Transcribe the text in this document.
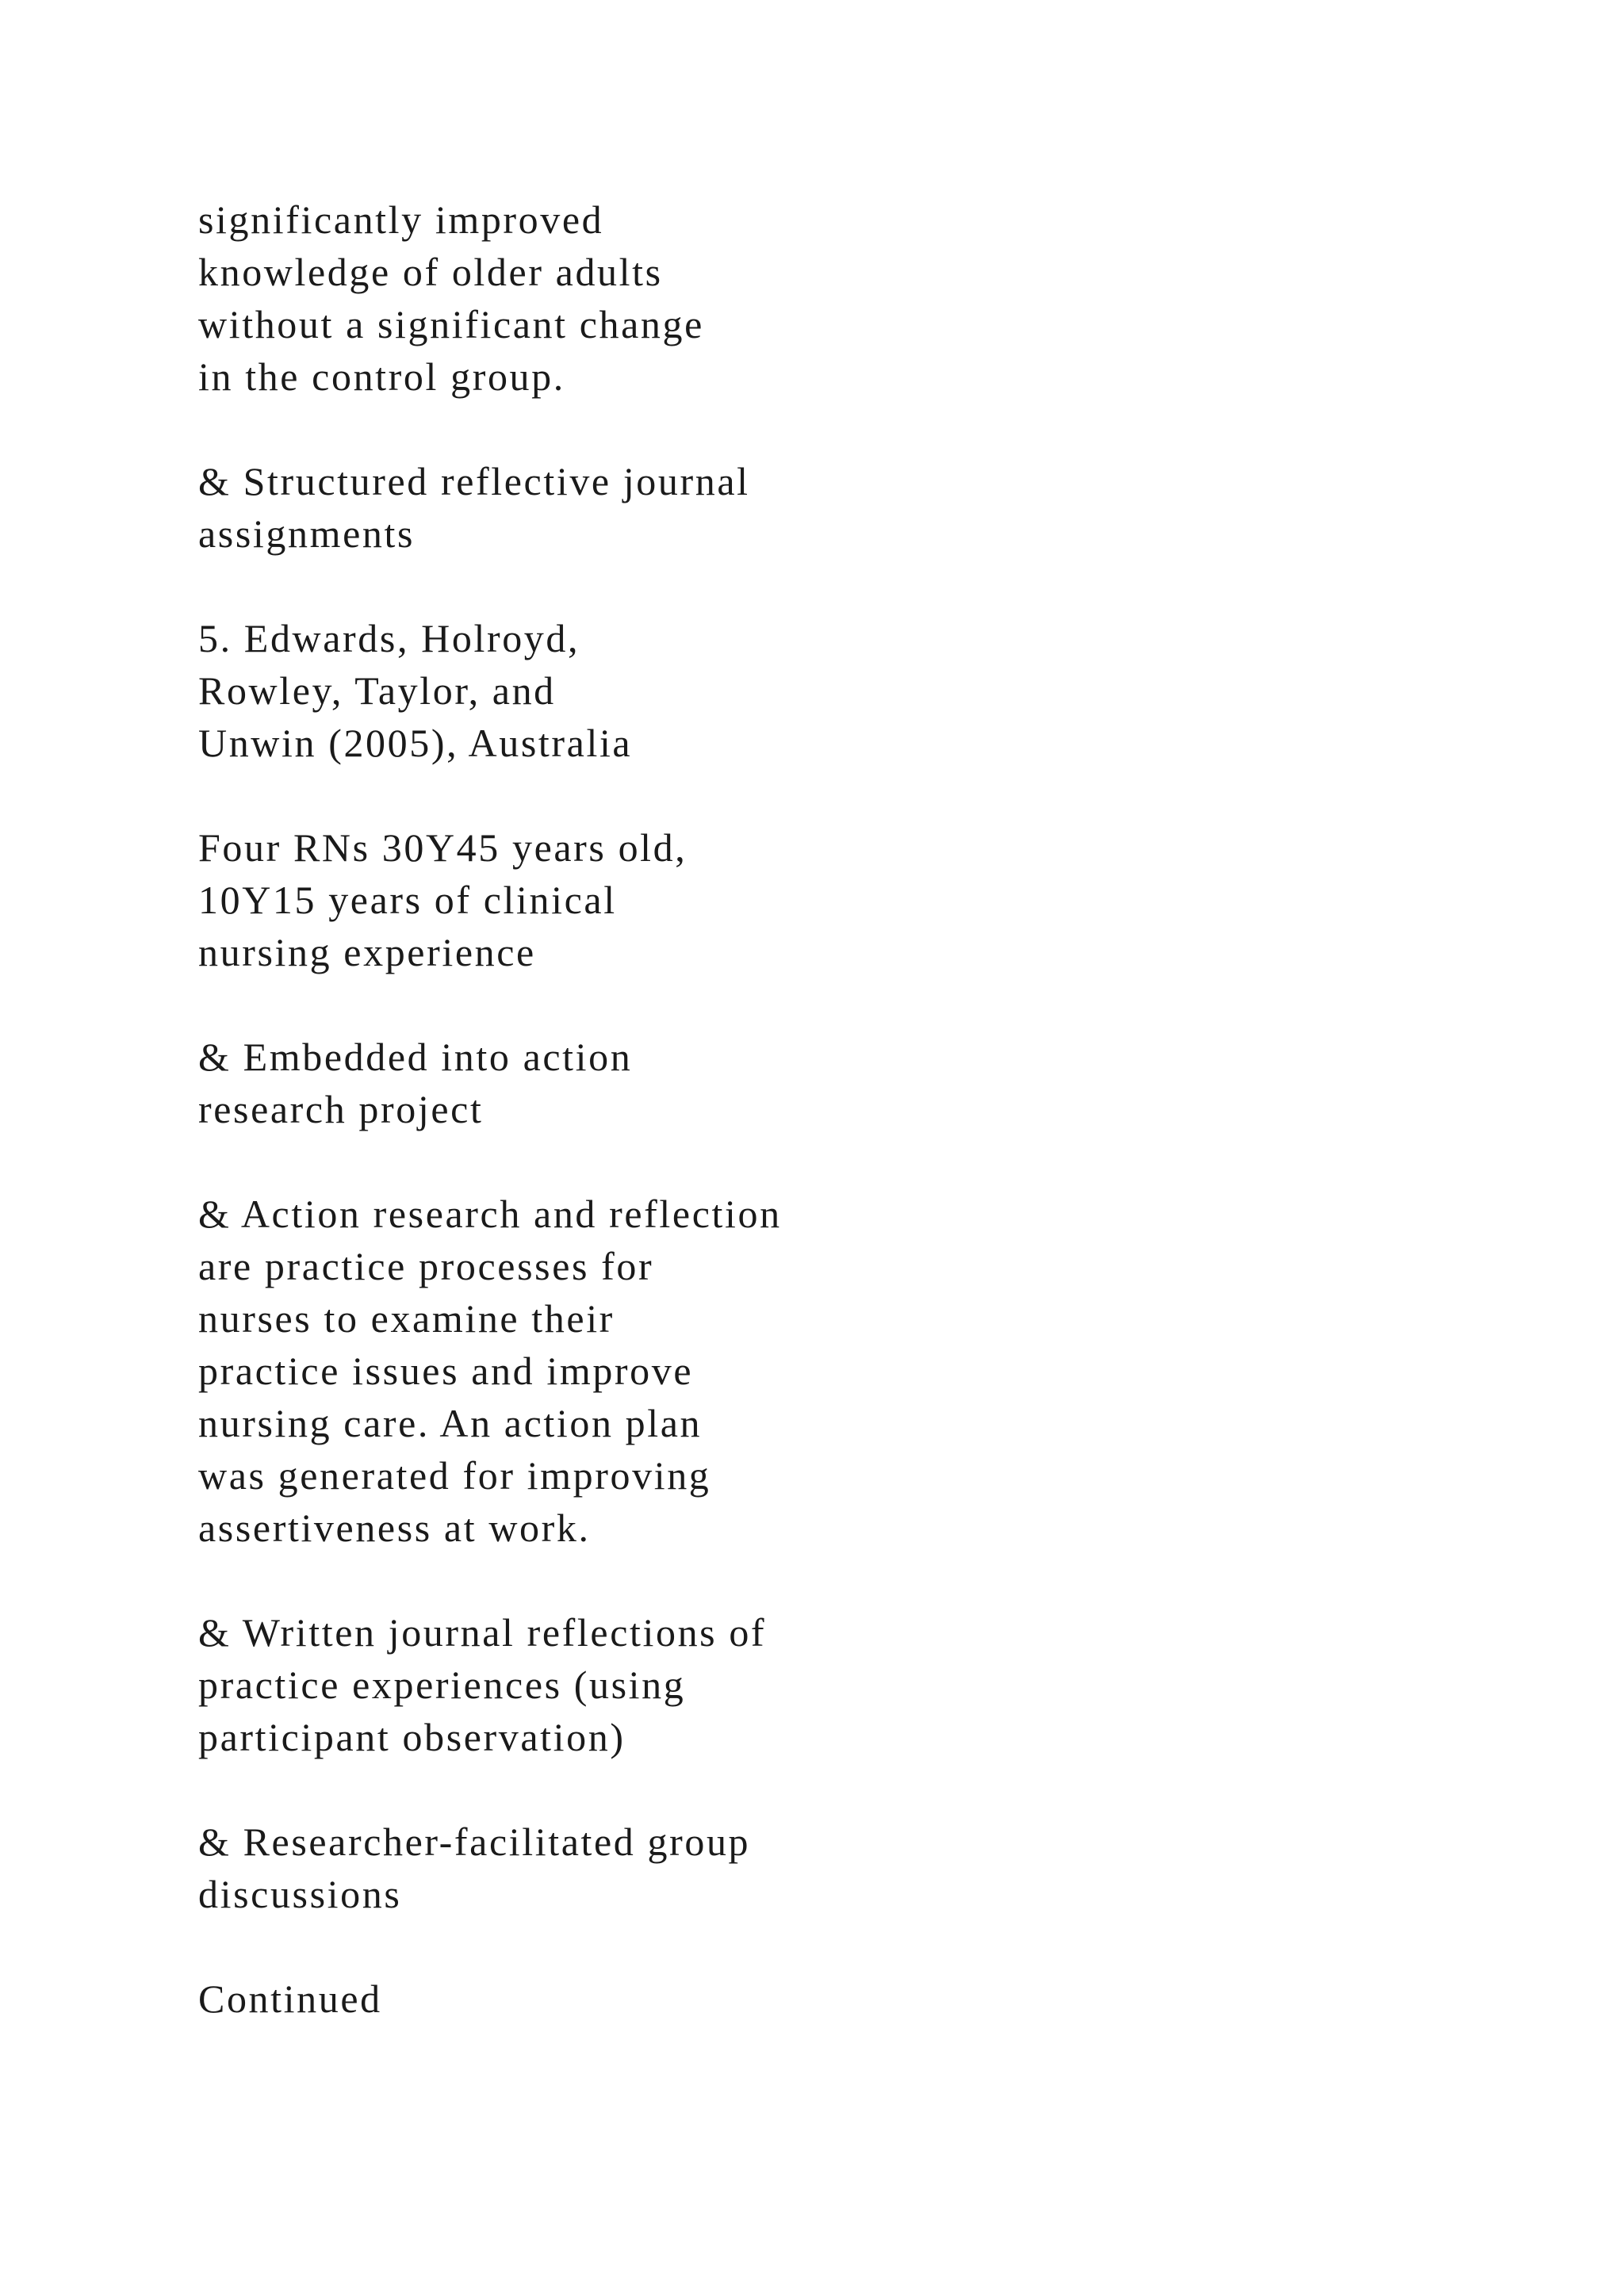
significantly improved
knowledge of older adults
without a significant change
in the control group.

& Structured reflective journal
assignments

5. Edwards, Holroyd,
Rowley, Taylor, and
Unwin (2005), Australia

Four RNs 30Y45 years old,
10Y15 years of clinical
nursing experience

& Embedded into action
research project

& Action research and reflection
are practice processes for
nurses to examine their
practice issues and improve
nursing care. An action plan
was generated for improving
assertiveness at work.

& Written journal reflections of
practice experiences (using
participant observation)

& Researcher-facilitated group
discussions

Continued
